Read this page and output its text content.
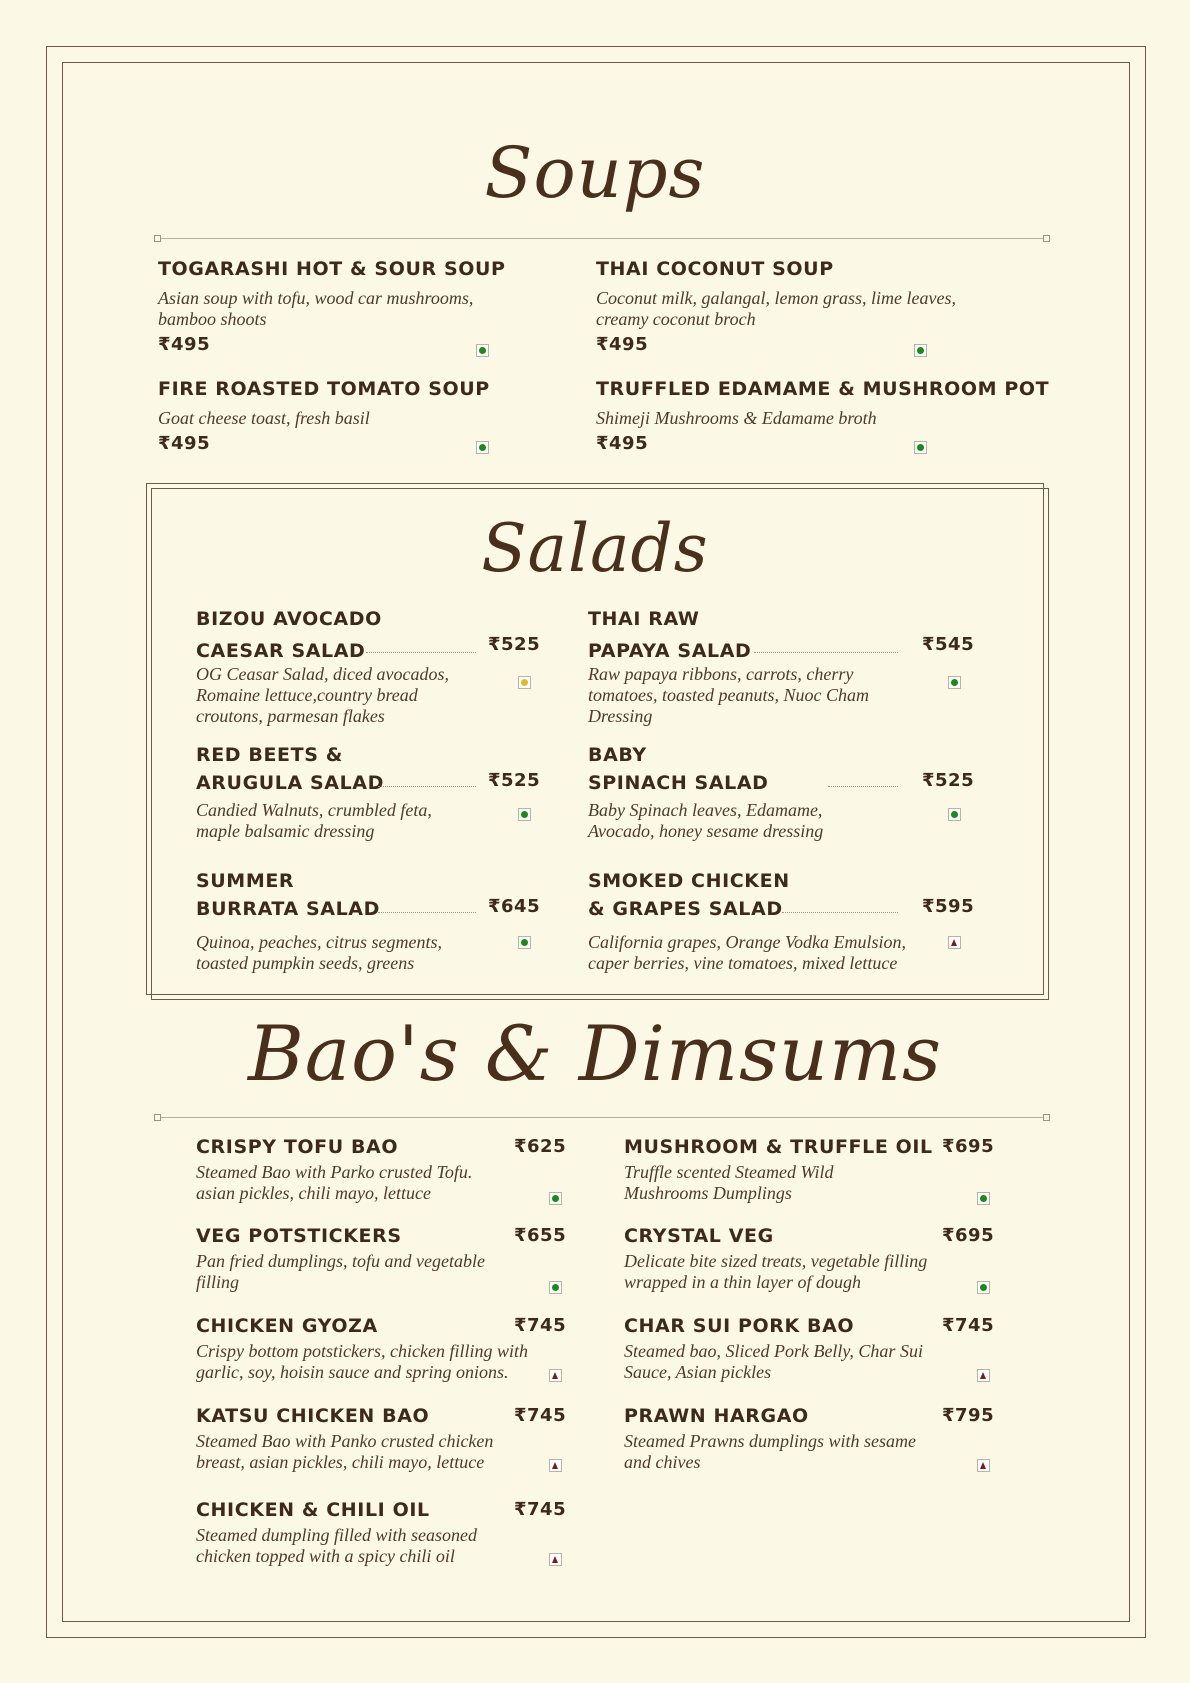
Soups
TOGARASHI HOT & SOUR SOUP
Asian soup with tofu, wood car mushrooms, bamboo shoots
₹495
THAI COCONUT SOUP
Coconut milk, galangal, lemon grass, lime leaves, creamy coconut broch
₹495
FIRE ROASTED TOMATO SOUP
Goat cheese toast, fresh basil
₹495
TRUFFLED EDAMAME & MUSHROOM POT
Shimeji Mushrooms & Edamame broth
₹495
Salads
BIZOU AVOCADO
CAESAR SALAD	₹525
OG Ceasar Salad, diced avocados, Romaine lettuce,country bread croutons, parmesan flakes
THAI RAW
PAPAYA SALAD	₹545
Raw papaya ribbons, carrots, cherry tomatoes, toasted peanuts, Nuoc Cham Dressing
RED BEETS &
ARUGULA SALAD	₹525
Candied Walnuts, crumbled feta, maple balsamic dressing
BABY
SPINACH SALAD	₹525
Baby Spinach leaves, Edamame, Avocado, honey sesame dressing
SUMMER
BURRATA SALAD	₹645
Quinoa, peaches, citrus segments, toasted pumpkin seeds, greens
SMOKED CHICKEN
& GRAPES SALAD	₹595
California grapes, Orange Vodka Emulsion, caper berries, vine tomatoes, mixed lettuce
Bao's & Dimsums
CRISPY TOFU BAO	₹625
Steamed Bao with Parko crusted Tofu. asian pickles, chili mayo, lettuce
MUSHROOM & TRUFFLE OIL ₹695
Truffle scented Steamed Wild Mushrooms Dumplings
VEG POTSTICKERS	₹655
Pan fried dumplings, tofu and vegetable filling
CRYSTAL VEG	₹695
Delicate bite sized treats, vegetable filling wrapped in a thin layer of dough
CHICKEN GYOZA	₹745
Crispy bottom potstickers, chicken filling with garlic, soy, hoisin sauce and spring onions.
CHAR SUI PORK BAO	₹745
Steamed bao, Sliced Pork Belly, Char Sui Sauce, Asian pickles
KATSU CHICKEN BAO	₹745
Steamed Bao with Panko crusted chicken breast, asian pickles, chili mayo, lettuce
PRAWN HARGAO	₹795
Steamed Prawns dumplings with sesame and chives
CHICKEN & CHILI OIL	₹745
Steamed dumpling filled with seasoned chicken topped with a spicy chili oil
